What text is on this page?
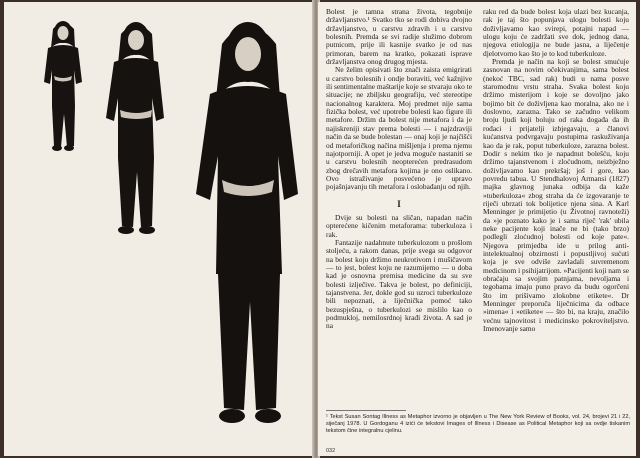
Bolest je tamna strana života, tegobnije državljanstvo.¹ Svatko tko se rodi dobiva dvojno državljanstvo, u carstvu zdravih i u carstvu bolesnih. Premda se svi radije služimo dobrom putnicom, prije ili kasnije svatko je od nas primoran, barem na kratko, pokazati isprave državljanstva onog drugog mjesta.

Ne želim opisivati što znači zaista emigrirati u carstvo bolesnih i ondje boraviti, već kažnjive ili sentimentalne maštarije koje se stvaraju oko te situacije; ne zbiljsku geografiju, već stereotipe nacionalnog karaktera. Moj predmet nije sama fizička bolest, već upotrebe bolesti kao figure ili metafore. Držim da bolest nije metafora i da je najiskreniji stav prema bolesti — i najzdraviji način da se bude bolestan — onaj koji je najčišći od metaforičkog načina mišljenja i prema njemu najotporniji. A opet je jedva moguće nastaniti se u carstvu bolesnih neopterećen predrasudom zbog drečavih metafora kojima je ono oslikano. Ovo istraživanje posvećeno je upravo pojašnjavanju tih metafora i oslobađanju od njih.

I

Dvije su bolesti na sličan, napadan način opterećene kičenim metaforama: tuberkuloza i rak.

Fantazije nadahnute tuberkulozom u prošlom stoljeću, a rakom danas, prije svega su odgovor na bolest koju držimo neukrotivom i mušičavom — to jest, bolest koju ne razumijemo — u doba kad je osnovna premisa medicine da su sve bolesti izlječive. Takva je bolest, po definiciji, tajanstvena. Jer, dokle god su uzroci tuberkuloze bili nepoznati, a liječnička pomoć tako bezuspješna, o tuberkulozi se mislilo kao o podmukloj, nemilosrdnoj krađi života. A sad je na

raku red da bude bolest koja ulazi bez kucanja, rak je taj što popunjava ulogu bolesti koju doživljavamo kao svirepi, potajni napad — ulogu koju će zadržati sve dok, jednog dana, njegova etiologija ne bude jasna, a liječenje djelotvorno kao što je to kod tuberkuloze.

Premda je način na koji se bolest smućuje zasnovan na novim očekivanjima, sama bolest (nekoć TBC, sad rak) budi u nama posve staromodnu vrstu straha. Svaka bolest koju držimo misterijom i koje se dovoljno jako bojimo bit će doživljena kao moralna, ako ne i doslovno, zarazna. Tako se začudno velikom broju ljudi koji boluju od raka događa da ih rođaci i prijatelji izbjegavaju, a članovi kućanstva podvrgavaju postupima raskuživanja kao da je rak, poput tuberkuloze, zarazna bolest. Dodir s nekim tko je napadnut bolešću, koju držimo tajanstvenom i zloćudnom, neizbježno doživljavamo kao prekršaj; još i gore, kao povredu tabua. U Stendhalovoj Armansi (1827) majka glavnog junaka odbija da kaže »tuberkuloza« zbog straha da će izgovaranje te riječi ubrzati tok bolijetice njena sina. A Karl Menninger je primijetio (u Životnoj ravnoteži) da »je poznato kako je i sama riječ 'rak' ubila neke pacijente koji inače ne bi (tako brzo) podlegli zloćudnoj bolesti od koje pate«. Njegova primjedba ide u prilog anti-intelektualnoj obzirnosti i popustljivoj sućuti koja je sve odviše zavladali suvremenom medicinom i psihijatrijom. »Pacijenti koji nam se obraćaju sa svojim patnjama, nevoljama i tegobama imaju puno pravo da budu ogorčeni što im prišivamo zlokobne etikete«. Dr Menninger preporuča liječnicima da odbace »imena« i »etikete« — što bi, na kraju, značilo većnu tajnovitost i medicinsko pokroviteljstvo. Imenovanje samo

¹ Tekst Susan Sontag Illness as Metaphor izvorno je objavljen u The New York Review of Books, vol. 24, brojevi 21 i 22, siječanj 1978. U Gordoganu 4 izići će tekstovi Images of Illness i Disease as Political Metaphor koji sa ovdje tiskanim tekstom čine integralnu cjelinu.
032
